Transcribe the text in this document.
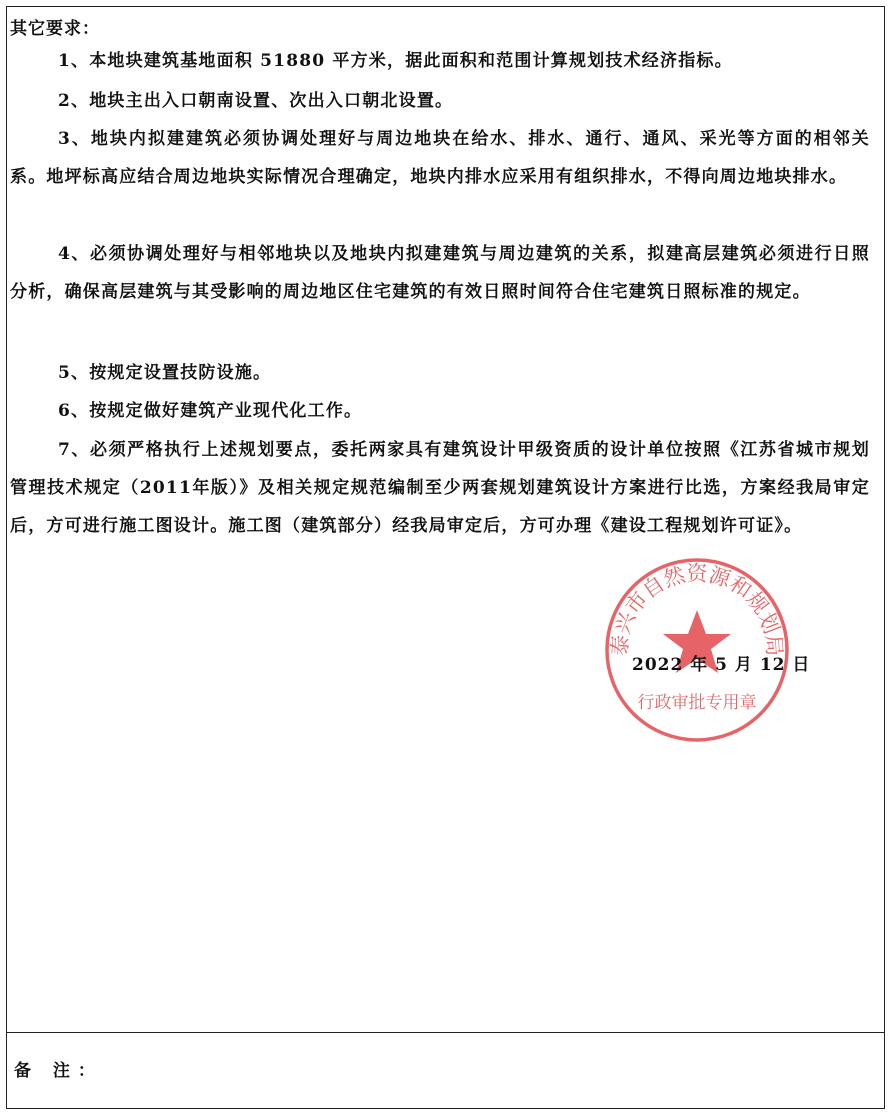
其它要求：
1、本地块建筑基地面积 51880 平方米，据此面积和范围计算规划技术经济指标。
2、地块主出入口朝南设置、次出入口朝北设置。
3、地块内拟建建筑必须协调处理好与周边地块在给水、排水、通行、通风、采光等方面的相邻关系。地坪标高应结合周边地块实际情况合理确定，地块内排水应采用有组织排水，不得向周边地块排水。
4、必须协调处理好与相邻地块以及地块内拟建建筑与周边建筑的关系，拟建高层建筑必须进行日照分析，确保高层建筑与其受影响的周边地区住宅建筑的有效日照时间符合住宅建筑日照标准的规定。
5、按规定设置技防设施。
6、按规定做好建筑产业现代化工作。
7、必须严格执行上述规划要点，委托两家具有建筑设计甲级资质的设计单位按照《江苏省城市规划管理技术规定（2011年版）》及相关规定规范编制至少两套规划建筑设计方案进行比选，方案经我局审定后，方可进行施工图设计。施工图（建筑部分）经我局审定后，方可办理《建设工程规划许可证》。
泰兴市自然资源和规划局
行政审批专用章
2022 年 5 月 12 日
备 注：
